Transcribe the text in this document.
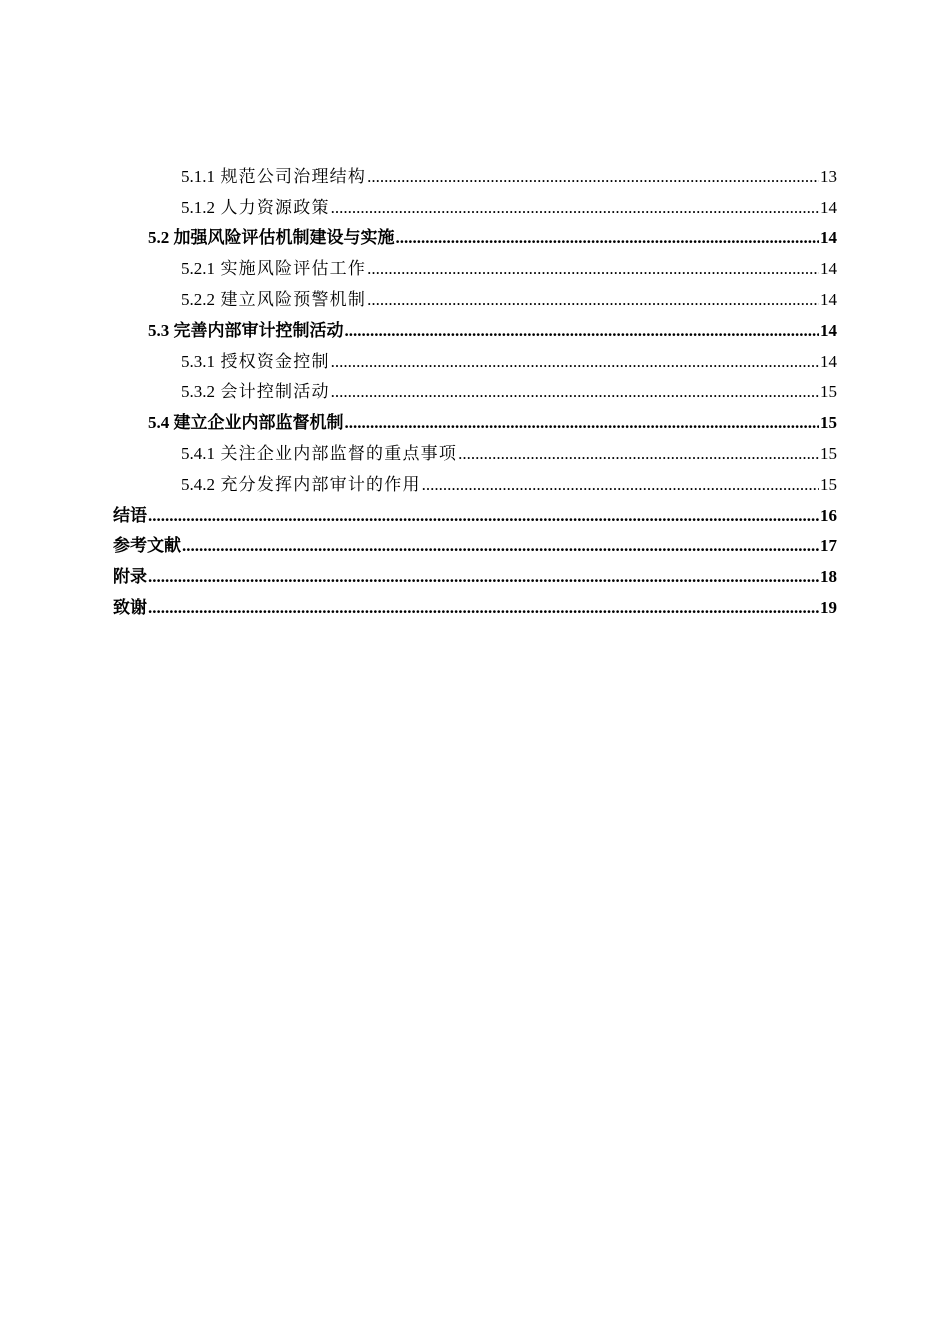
5.1.1 规范公司治理结构 .....	13
5.1.2 人力资源政策 .....	14
5.2 加强风险评估机制建设与实施 .....	14
5.2.1 实施风险评估工作 .....	14
5.2.2 建立风险预警机制 .....	14
5.3 完善内部审计控制活动 .....	14
5.3.1 授权资金控制 .....	14
5.3.2 会计控制活动 .....	15
5.4 建立企业内部监督机制 .....	15
5.4.1 关注企业内部监督的重点事项 .....	15
5.4.2 充分发挥内部审计的作用 .....	15
结语 .....	16
参考文献 .....	17
附录 .....	18
致谢 .....	19
